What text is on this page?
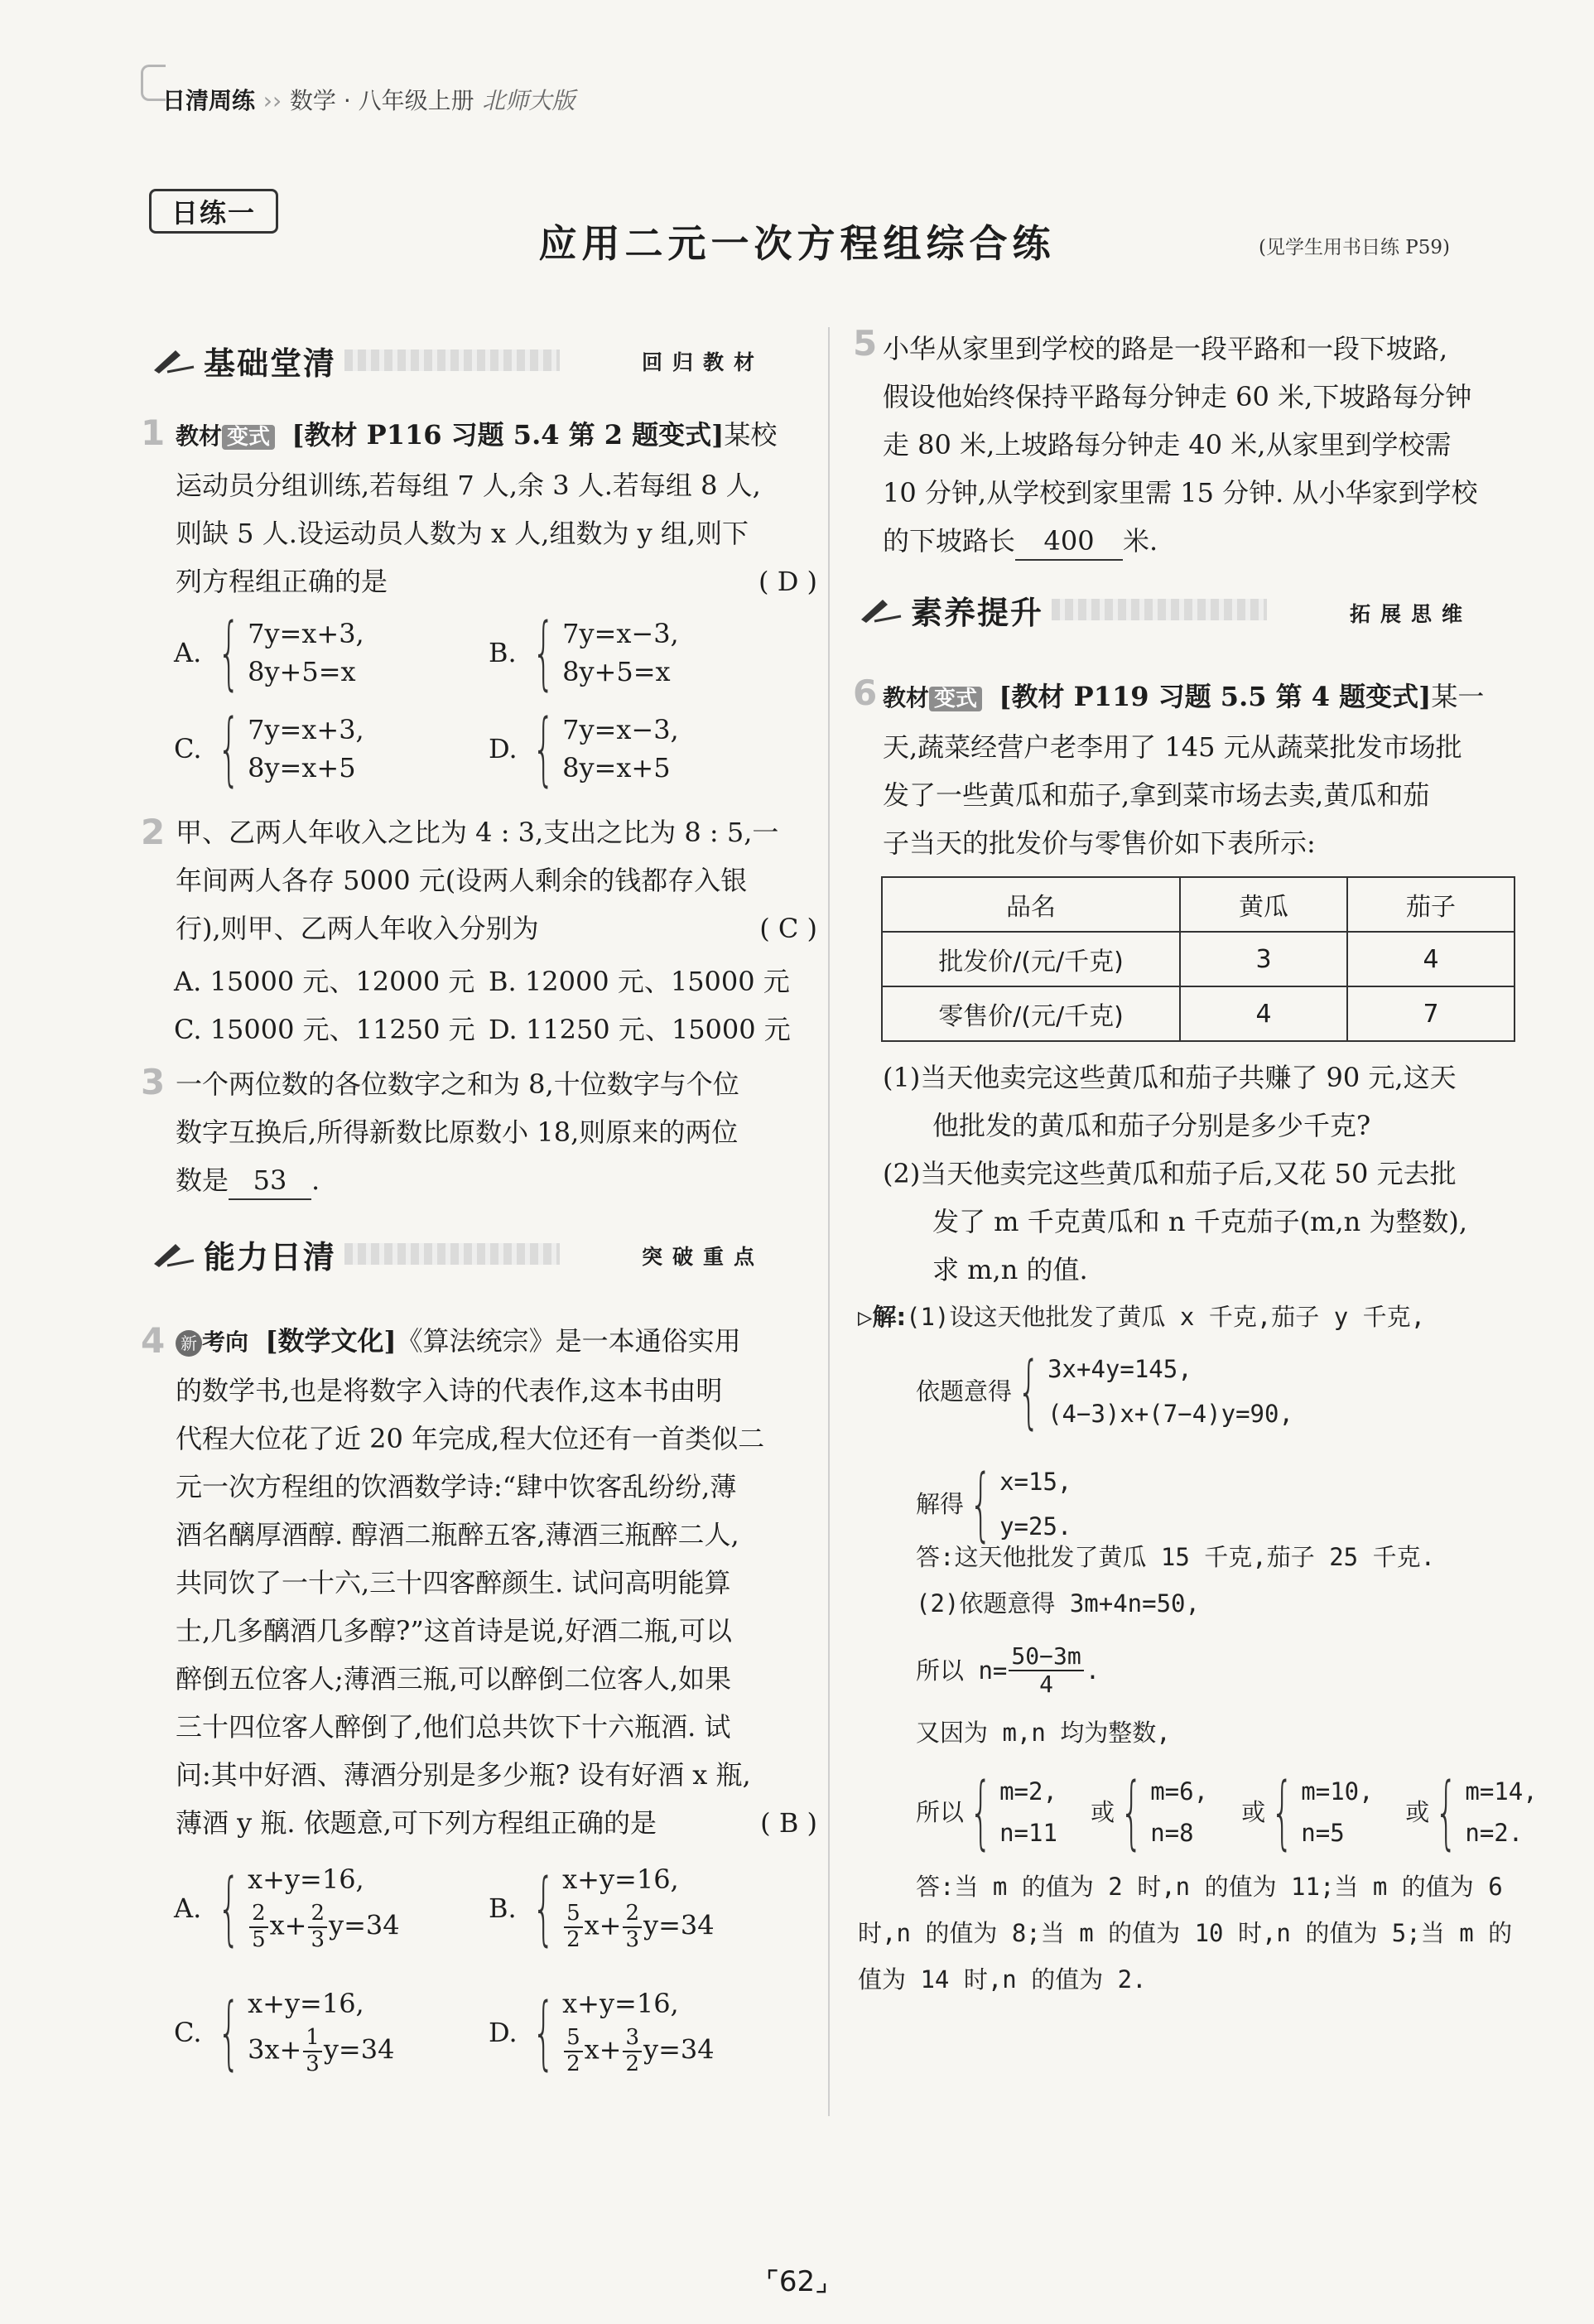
日清周练 ›› 数学 · 八年级上册 北师大版
日练一
应用二元一次方程组综合练	(见学生用书日练 P59)
基础堂清	回归教材
1 教材 变式 [教材 P116 习题 5.4 第 2 题变式]某校
运动员分组训练,若每组 7 人,余 3 人.若每组 8 人,
则缺 5 人.设运动员人数为 x 人,组数为 y 组,则下
列方程组正确的是	( D )
A. { 7y=x+3,
8y+5=x
B. { 7y=x−3,
8y+5=x
C. { 7y=x+3,
8y=x+5
D. { 7y=x−3,
8y=x+5
2 甲、乙两人年收入之比为 4 : 3,支出之比为 8 : 5,一
年间两人各存 5000 元(设两人剩余的钱都存入银
行),则甲、乙两人年收入分别为	( C )
A. 15000 元、12000 元 B. 12000 元、15000 元
C. 15000 元、11250 元 D. 11250 元、15000 元
3 一个两位数的各位数字之和为 8,十位数字与个位
数字互换后,所得新数比原数小 18,则原来的两位
数是 53 .
能力日清	突破重点
4 新 考向 [数学文化]《算法统宗》是一本通俗实用
的数学书,也是将数字入诗的代表作,这本书由明
代程大位花了近 20 年完成,程大位还有一首类似二
元一次方程组的饮酒数学诗:“肆中饮客乱纷纷,薄
酒名醨厚酒醇. 醇酒二瓶醉五客,薄酒三瓶醉二人,
共同饮了一十六,三十四客醉颜生. 试问高明能算
士,几多醨酒几多醇?”这首诗是说,好酒二瓶,可以
醉倒五位客人;薄酒三瓶,可以醉倒二位客人,如果
三十四位客人醉倒了,他们总共饮下十六瓶酒. 试
问:其中好酒、薄酒分别是多少瓶? 设有好酒 x 瓶,
薄酒 y 瓶. 依题意,可下列方程组正确的是	( B )
A. { x+y=16,
$\frac{2}{5} x+ \frac{2}{3} y=34$
B. { x+y=16,
$\frac{5}{2} x+ \frac{2}{3} y=34$
C. { x+y=16,
$3x+ \frac{1}{3} y=34$
D. { x+y=16,
$\frac{5}{2} x+ \frac{3}{2} y=34$
5 小华从家里到学校的路是一段平路和一段下坡路,
假设他始终保持平路每分钟走 60 米,下坡路每分钟
走 80 米,上坡路每分钟走 40 米,从家里到学校需
10 分钟,从学校到家里需 15 分钟. 从小华家到学校
的下坡路长 400 米.
素养提升	拓展思维
6 教材 变式 [教材 P119 习题 5.5 第 4 题变式]某一
天,蔬菜经营户老李用了 145 元从蔬菜批发市场批
发了一些黄瓜和茄子,拿到菜市场去卖,黄瓜和茄
子当天的批发价与零售价如下表所示:
品名	黄瓜	茄子
批发价/(元/千克)	3	4
零售价/(元/千克)	4	7
(1)当天他卖完这些黄瓜和茄子共赚了 90 元,这天
他批发的黄瓜和茄子分别是多少千克?
(2)当天他卖完这些黄瓜和茄子后,又花 50 元去批
发了 m 千克黄瓜和 n 千克茄子(m,n 为整数),
求 m,n 的值.
▷解:(1)设这天他批发了黄瓜 x 千克,茄子 y 千克,
依题意得 { 3x+4y=145,
(4−3)x+(7−4)y=90,
解得 { x=15,
y=25.
答:这天他批发了黄瓜 15 千克,茄子 25 千克.
(2)依题意得 3m+4n=50,
所以 $n= \frac{50-3m}{4}$ .
又因为 m,n 均为整数,
所以 { m=2,
n=11
或 { m=6,
n=8
或 { m=10,
n=5
或 { m=14,
n=2.
答:当 m 的值为 2 时,n 的值为 11;当 m 的值为 6
时,n 的值为 8;当 m 的值为 10 时,n 的值为 5;当 m 的
值为 14 时,n 的值为 2.
⌜62⌟
